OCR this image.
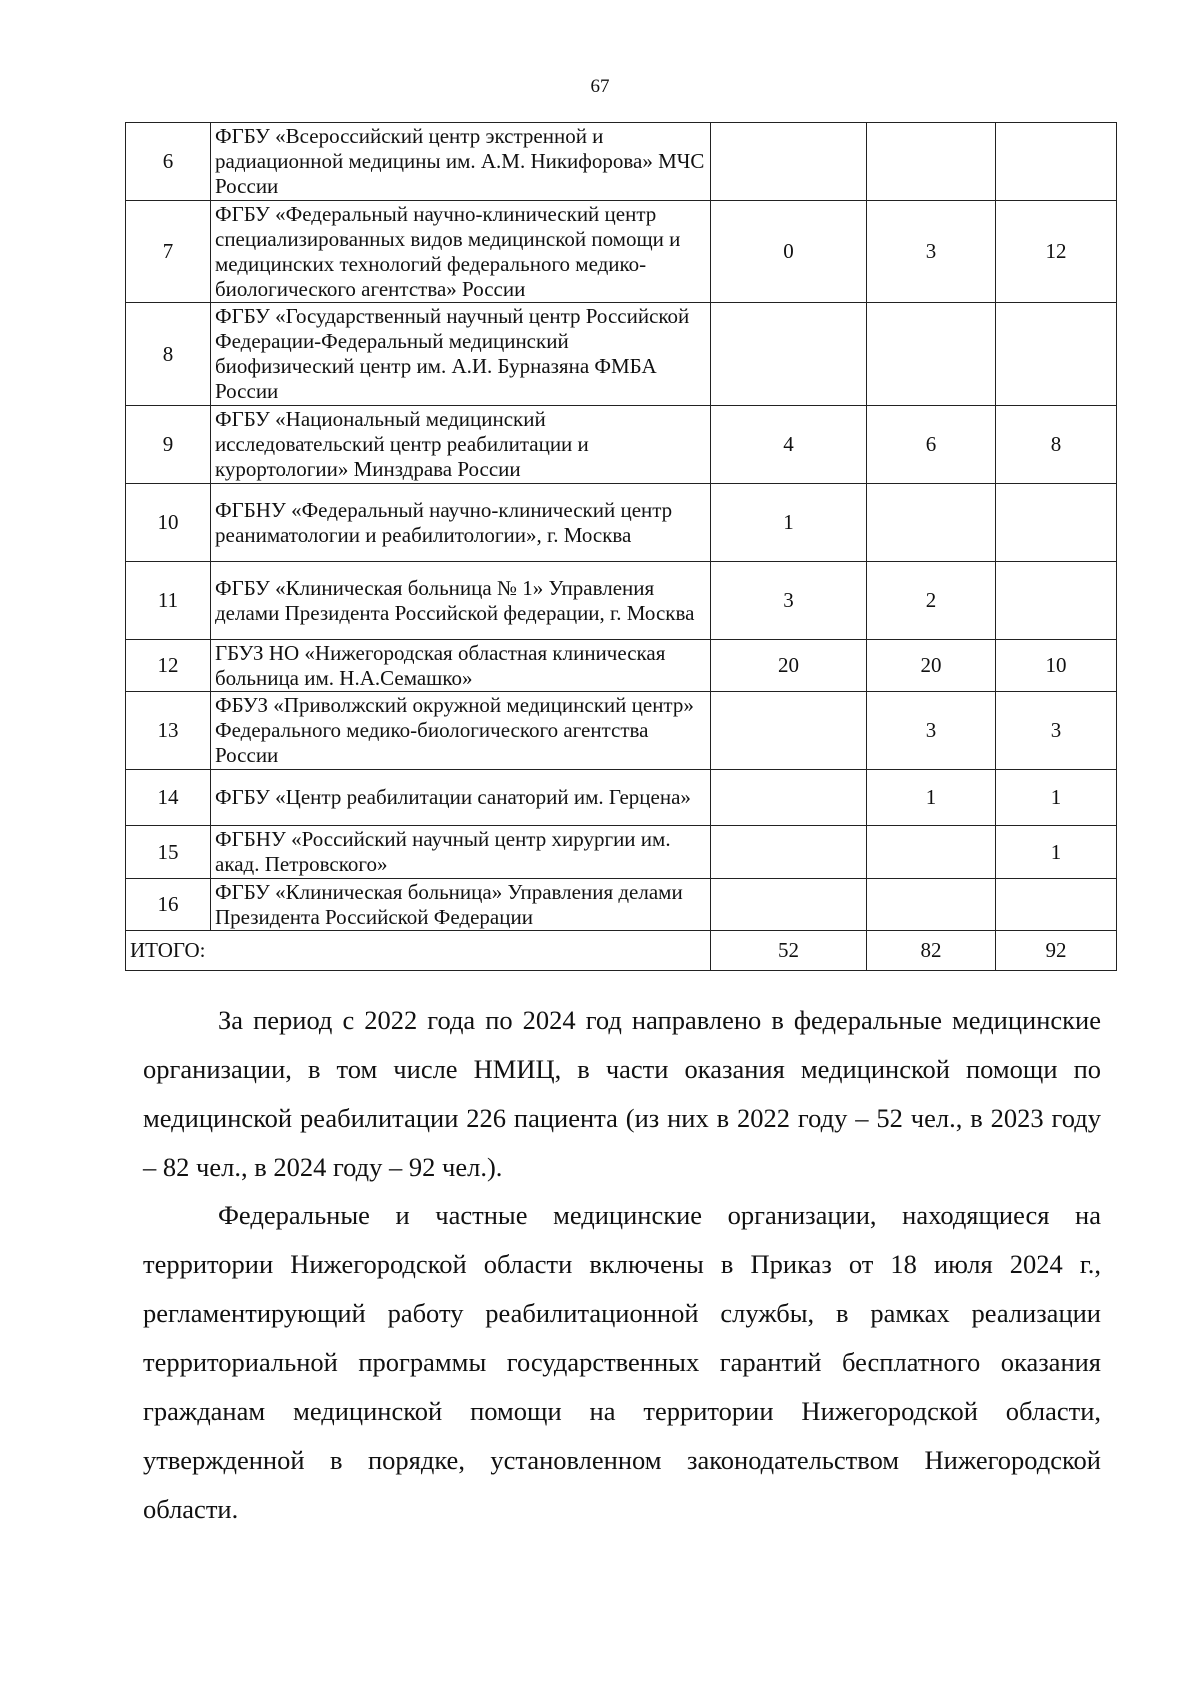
67
6	ФГБУ «Всероссийский центр экстренной и радиационной медицины им. А.М. Никифорова» МЧС России			
7	ФГБУ «Федеральный научно-клинический центр специализированных видов медицинской помощи и медицинских технологий федерального медико-биологического агентства» России	0	3	12
8	ФГБУ «Государственный научный центр Российской Федерации-Федеральный медицинский биофизический центр им. А.И. Бурназяна ФМБА России			
9	ФГБУ «Национальный медицинский исследовательский центр реабилитации и курортологии» Минздрава России	4	6	8
10	ФГБНУ «Федеральный научно-клинический центр реаниматологии и реабилитологии», г. Москва	1		
11	ФГБУ «Клиническая больница № 1» Управления делами Президента Российской федерации, г. Москва	3	2	
12	ГБУЗ НО «Нижегородская областная клиническая больница им. Н.А.Семашко»	20	20	10
13	ФБУЗ «Приволжский окружной медицинский центр» Федерального медико-биологического агентства России		3	3
14	ФГБУ «Центр реабилитации санаторий им. Герцена»		1	1
15	ФГБНУ «Российский научный центр хирургии им. акад. Петровского»			1
16	ФГБУ «Клиническая больница» Управления делами Президента Российской Федерации			
ИТОГО:		52	82	92

За период с 2022 года по 2024 год направлено в федеральные медицинские организации, в том числе НМИЦ, в части оказания медицинской помощи по медицинской реабилитации 226 пациента (из них в 2022 году – 52 чел., в 2023 году – 82 чел., в 2024 году – 92 чел.).

Федеральные и частные медицинские организации, находящиеся на территории Нижегородской области включены в Приказ от 18 июля 2024 г., регламентирующий работу реабилитационной службы, в рамках реализации территориальной программы государственных гарантий бесплатного оказания гражданам медицинской помощи на территории Нижегородской области, утвержденной в порядке, установленном законодательством Нижегородской области.
